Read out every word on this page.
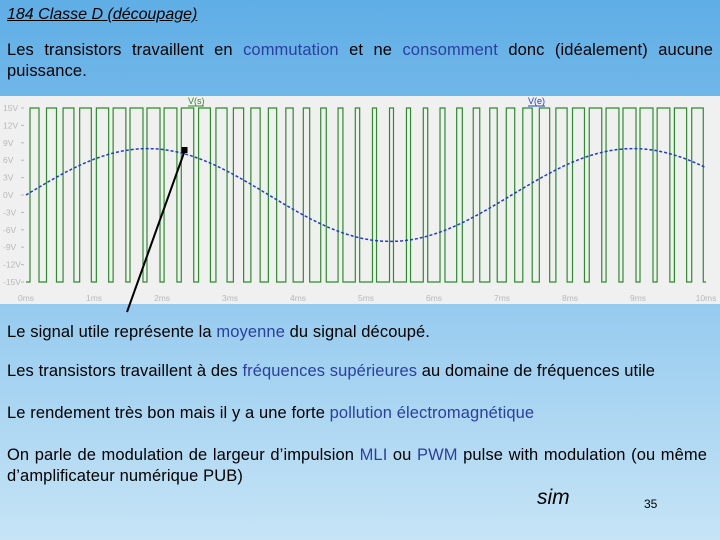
184 Classe D (découpage)
Les transistors travaillent en commutation et ne consomment donc (idéalement) aucune puissance.
15V
12V
9V
6V
3V
0V
-3V
-6V
-9V
-12V
-15V
0ms	1ms	2ms	3ms	4ms	5ms	6ms	7ms	8ms	9ms	10ms
V(s)	V(e)
Le signal utile représente la moyenne du signal découpé.
Les transistors travaillent à des fréquences supérieures au domaine de fréquences utile
Le rendement très bon mais il y a une forte pollution électromagnétique
On parle de modulation de largeur d’impulsion MLI ou PWM pulse with modulation (ou même d’amplificateur numérique PUB)
sim	35
